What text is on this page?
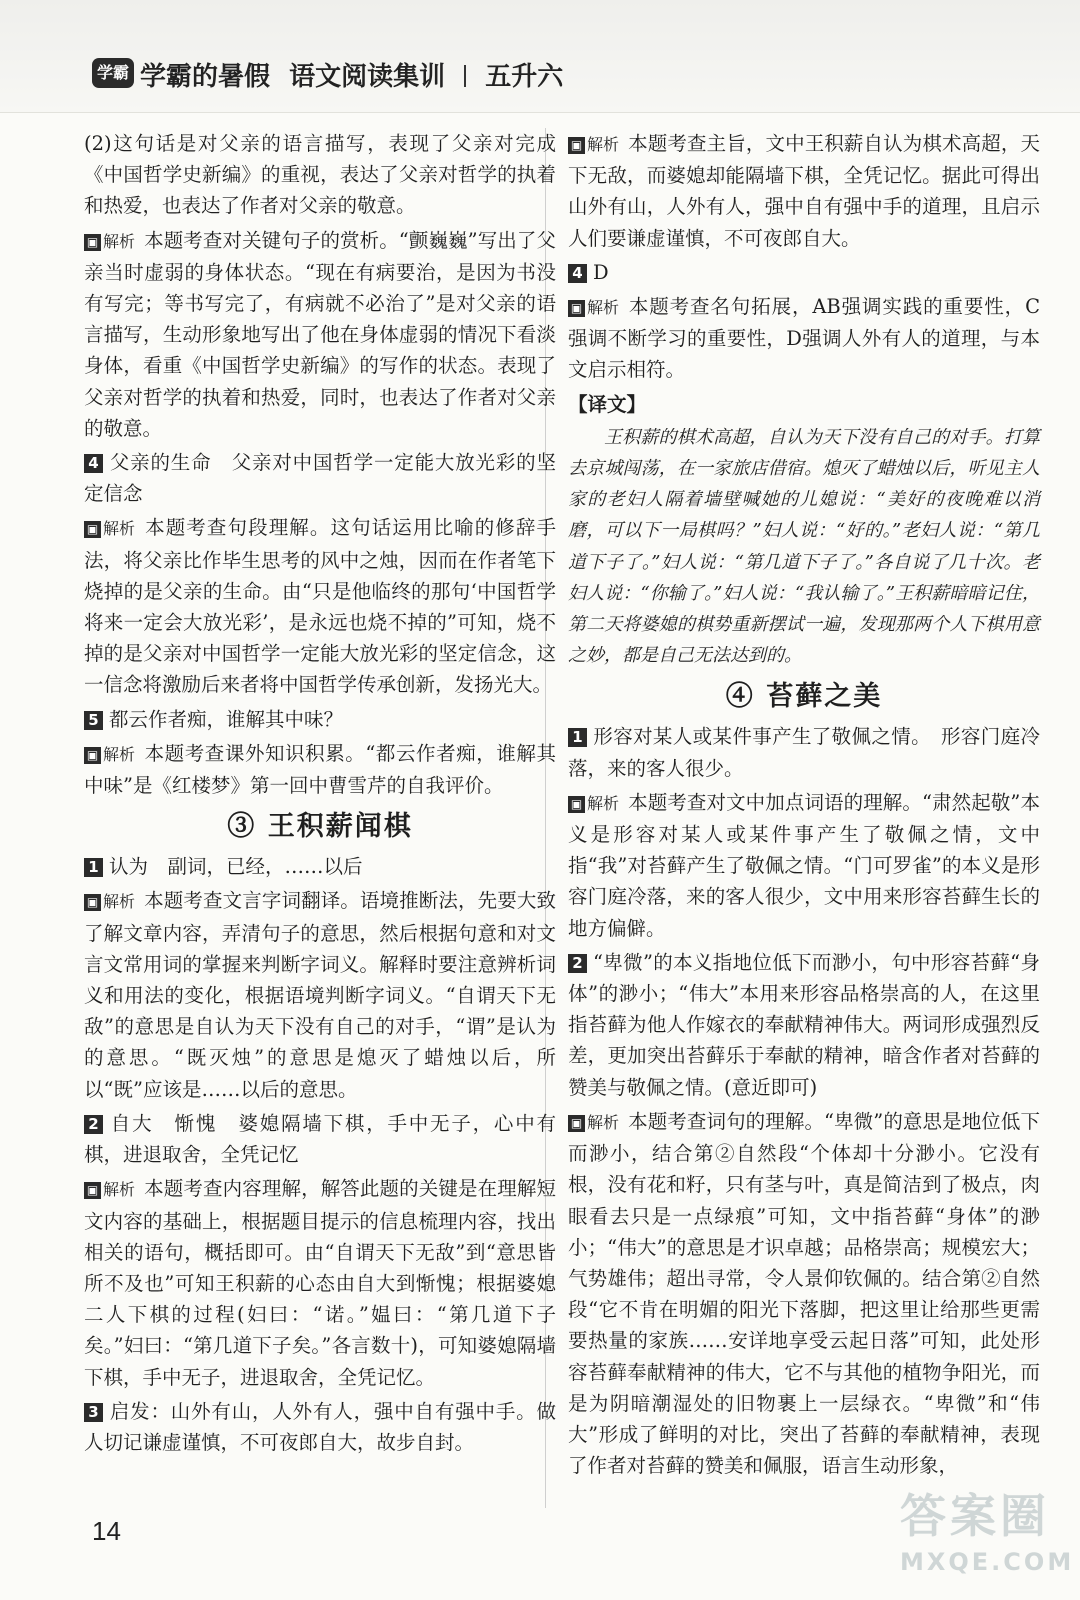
学霸 学霸的暑假 语文阅读集训 五升六

(2)这句话是对父亲的语言描写，表现了父亲对完成《中国哲学史新编》的重视，表达了父亲对哲学的执着和热爱，也表达了作者对父亲的敬意。

▣ 解析 本题考查对关键句子的赏析。“颤巍巍”写出了父亲当时虚弱的身体状态。“现在有病要治，是因为书没有写完；等书写完了，有病就不必治了”是对父亲的语言描写，生动形象地写出了他在身体虚弱的情况下看淡身体，看重《中国哲学史新编》的写作的状态。表现了父亲对哲学的执着和热爱，同时，也表达了作者对父亲的敬意。

4 父亲的生命　父亲对中国哲学一定能大放光彩的坚定信念

▣ 解析 本题考查句段理解。这句话运用比喻的修辞手法，将父亲比作毕生思考的风中之烛，因而在作者笔下烧掉的是父亲的生命。由“只是他临终的那句‘中国哲学将来一定会大放光彩’，是永远也烧不掉的”可知，烧不掉的是父亲对中国哲学一定能大放光彩的坚定信念，这一信念将激励后来者将中国哲学传承创新，发扬光大。

5 都云作者痴，谁解其中味？

▣ 解析 本题考查课外知识积累。“都云作者痴，谁解其中味”是《红楼梦》第一回中曹雪芹的自我评价。

③ 王积薪闻棋

1 认为　副词，已经，……以后

▣ 解析 本题考查文言字词翻译。语境推断法，先要大致了解文章内容，弄清句子的意思，然后根据句意和对文言文常用词的掌握来判断字词义。解释时要注意辨析词义和用法的变化，根据语境判断字词义。“自谓天下无敌”的意思是自认为天下没有自己的对手，“谓”是认为的意思。“既灭烛”的意思是熄灭了蜡烛以后，所以“既”应该是……以后的意思。

2 自大　惭愧　婆媳隔墙下棋，手中无子，心中有棋，进退取舍，全凭记忆

▣ 解析 本题考查内容理解，解答此题的关键是在理解短文内容的基础上，根据题目提示的信息梳理内容，找出相关的语句，概括即可。由“自谓天下无敌”到“意思皆所不及也”可知王积薪的心态由自大到惭愧；根据婆媳二人下棋的过程(妇曰：“诺。”媪曰：“第几道下子矣。”妇曰：“第几道下子矣。”各言数十)，可知婆媳隔墙下棋，手中无子，进退取舍，全凭记忆。

3 启发：山外有山，人外有人，强中自有强中手。做人切记谦虚谨慎，不可夜郎自大，故步自封。

▣ 解析 本题考查主旨，文中王积薪自认为棋术高超，天下无敌，而婆媳却能隔墙下棋，全凭记忆。据此可得出山外有山，人外有人，强中自有强中手的道理，且启示人们要谦虚谨慎，不可夜郎自大。

4 D

▣ 解析 本题考查名句拓展，AB强调实践的重要性，C强调不断学习的重要性，D强调人外有人的道理，与本文启示相符。

【译文】

王积薪的棋术高超，自认为天下没有自己的对手。打算去京城闯荡，在一家旅店借宿。熄灭了蜡烛以后，听见主人家的老妇人隔着墙壁喊她的儿媳说：“美好的夜晚难以消磨，可以下一局棋吗？”妇人说：“好的。”老妇人说：“第几道下子了。”妇人说：“第几道下子了。”各自说了几十次。老妇人说：“你输了。”妇人说：“我认输了。”王积薪暗暗记住，第二天将婆媳的棋势重新摆试一遍，发现那两个人下棋用意之妙，都是自己无法达到的。

④ 苔藓之美

1 形容对某人或某件事产生了敬佩之情。　形容门庭冷落，来的客人很少。

▣ 解析 本题考查对文中加点词语的理解。“肃然起敬”本义是形容对某人或某件事产生了敬佩之情，文中指“我”对苔藓产生了敬佩之情。“门可罗雀”的本义是形容门庭冷落，来的客人很少，文中用来形容苔藓生长的地方偏僻。

2 “卑微”的本义指地位低下而渺小，句中形容苔藓“身体”的渺小；“伟大”本用来形容品格崇高的人，在这里指苔藓为他人作嫁衣的奉献精神伟大。两词形成强烈反差，更加突出苔藓乐于奉献的精神，暗含作者对苔藓的赞美与敬佩之情。(意近即可)

▣ 解析 本题考查词句的理解。“卑微”的意思是地位低下而渺小，结合第②自然段“个体却十分渺小。它没有根，没有花和籽，只有茎与叶，真是简洁到了极点，肉眼看去只是一点绿痕”可知，文中指苔藓“身体”的渺小；“伟大”的意思是才识卓越；品格崇高；规模宏大；气势雄伟；超出寻常，令人景仰钦佩的。结合第②自然段“它不肯在明媚的阳光下落脚，把这里让给那些更需要热量的家族……安详地享受云起日落”可知，此处形容苔藓奉献精神的伟大，它不与其他的植物争阳光，而是为阴暗潮湿处的旧物裹上一层绿衣。“卑微”和“伟大”形成了鲜明的对比，突出了苔藓的奉献精神，表现了作者对苔藓的赞美和佩服，语言生动形象，

14	答案圈
MXQE.COM
